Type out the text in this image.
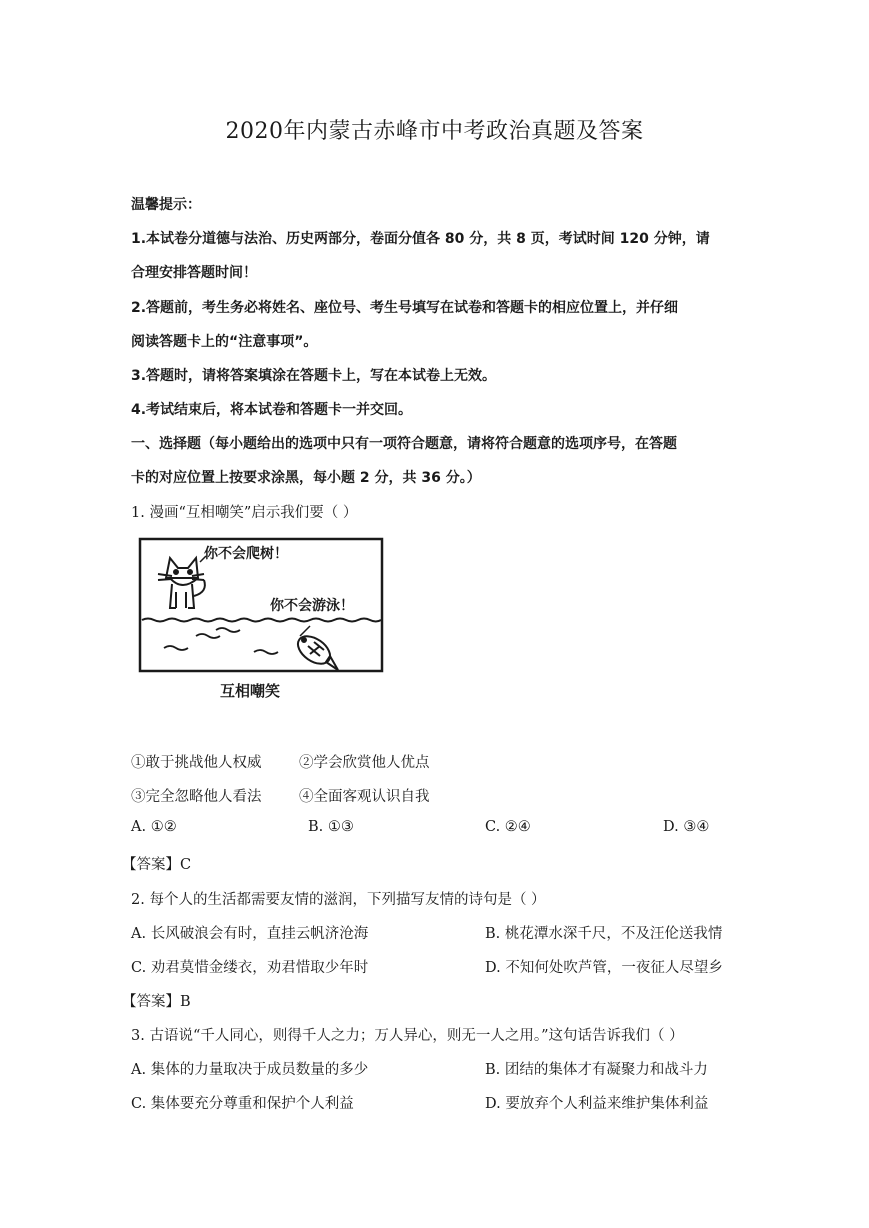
2020年内蒙古赤峰市中考政治真题及答案
温馨提示：
1.本试卷分道德与法治、历史两部分，卷面分值各 80 分，共 8 页，考试时间 120 分钟，请
合理安排答题时间！
2.答题前，考生务必将姓名、座位号、考生号填写在试卷和答题卡的相应位置上，并仔细
阅读答题卡上的“注意事项”。
3.答题时，请将答案填涂在答题卡上，写在本试卷上无效。
4.考试结束后，将本试卷和答题卡一并交回。
一、选择题（每小题给出的选项中只有一项符合题意，请将符合题意的选项序号，在答题
卡的对应位置上按要求涂黑，每小题 2 分，共 36 分。）
1. 漫画“互相嘲笑”启示我们要（ ）
你不会爬树！
你不会游泳！
互相嘲笑
①敢于挑战他人权威	②学会欣赏他人优点
③完全忽略他人看法	④全面客观认识自我
A. ①②	B. ①③	C. ②④	D. ③④
【答案】C
2. 每个人的生活都需要友情的滋润，下列描写友情的诗句是（ ）
A. 长风破浪会有时，直挂云帆济沧海	B. 桃花潭水深千尺，不及汪伦送我情
C. 劝君莫惜金缕衣，劝君惜取少年时	D. 不知何处吹芦管，一夜征人尽望乡
【答案】B
3. 古语说“千人同心，则得千人之力；万人异心，则无一人之用。”这句话告诉我们（ ）
A. 集体的力量取决于成员数量的多少	B. 团结的集体才有凝聚力和战斗力
C. 集体要充分尊重和保护个人利益	D. 要放弃个人利益来维护集体利益
